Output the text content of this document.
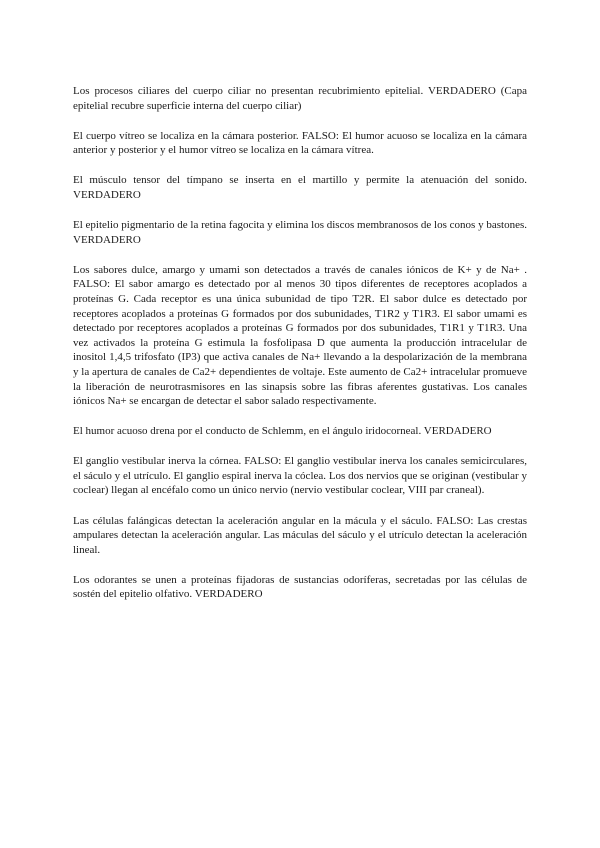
Los procesos ciliares del cuerpo ciliar no presentan recubrimiento epitelial. VERDADERO (Capa epitelial recubre superficie interna del cuerpo ciliar)

El cuerpo vítreo se localiza en la cámara posterior. FALSO: El humor acuoso se localiza en la cámara anterior y posterior y el humor vítreo se localiza en la cámara vítrea.

El músculo tensor del tímpano se inserta en el martillo y permite la atenuación del sonido. VERDADERO

El epitelio pigmentario de la retina fagocita y elimina los discos membranosos de los conos y bastones. VERDADERO

Los sabores dulce, amargo y umami son detectados a través de canales iónicos de K+ y de Na+ . FALSO: El sabor amargo es detectado por al menos 30 tipos diferentes de receptores acoplados a proteínas G. Cada receptor es una única subunidad de tipo T2R. El sabor dulce es detectado por receptores acoplados a proteínas G formados por dos subunidades, T1R2 y T1R3. El sabor umami es detectado por receptores acoplados a proteínas G formados por dos subunidades, T1R1 y T1R3. Una vez activados la proteína G estimula la fosfolipasa D que aumenta la producción intracelular de inositol 1,4,5 trifosfato (IP3) que activa canales de Na+ llevando a la despolarización de la membrana y la apertura de canales de Ca2+ dependientes de voltaje. Este aumento de Ca2+ intracelular promueve la liberación de neurotrasmisores en las sinapsis sobre las fibras aferentes gustativas. Los canales iónicos Na+ se encargan de detectar el sabor salado respectivamente.

El humor acuoso drena por el conducto de Schlemm, en el ángulo iridocorneal. VERDADERO

El ganglio vestibular inerva la córnea. FALSO: El ganglio vestibular inerva los canales semicirculares, el sáculo y el utrículo. El ganglio espiral inerva la cóclea. Los dos nervios que se originan (vestibular y coclear) llegan al encéfalo como un único nervio (nervio vestibular coclear, VIII par craneal).

Las células falángicas detectan la aceleración angular en la mácula y el sáculo. FALSO: Las crestas ampulares detectan la aceleración angular. Las máculas del sáculo y el utrículo detectan la aceleración lineal.

Los odorantes se unen a proteínas fijadoras de sustancias odoríferas, secretadas por las células de sostén del epitelio olfativo. VERDADERO
